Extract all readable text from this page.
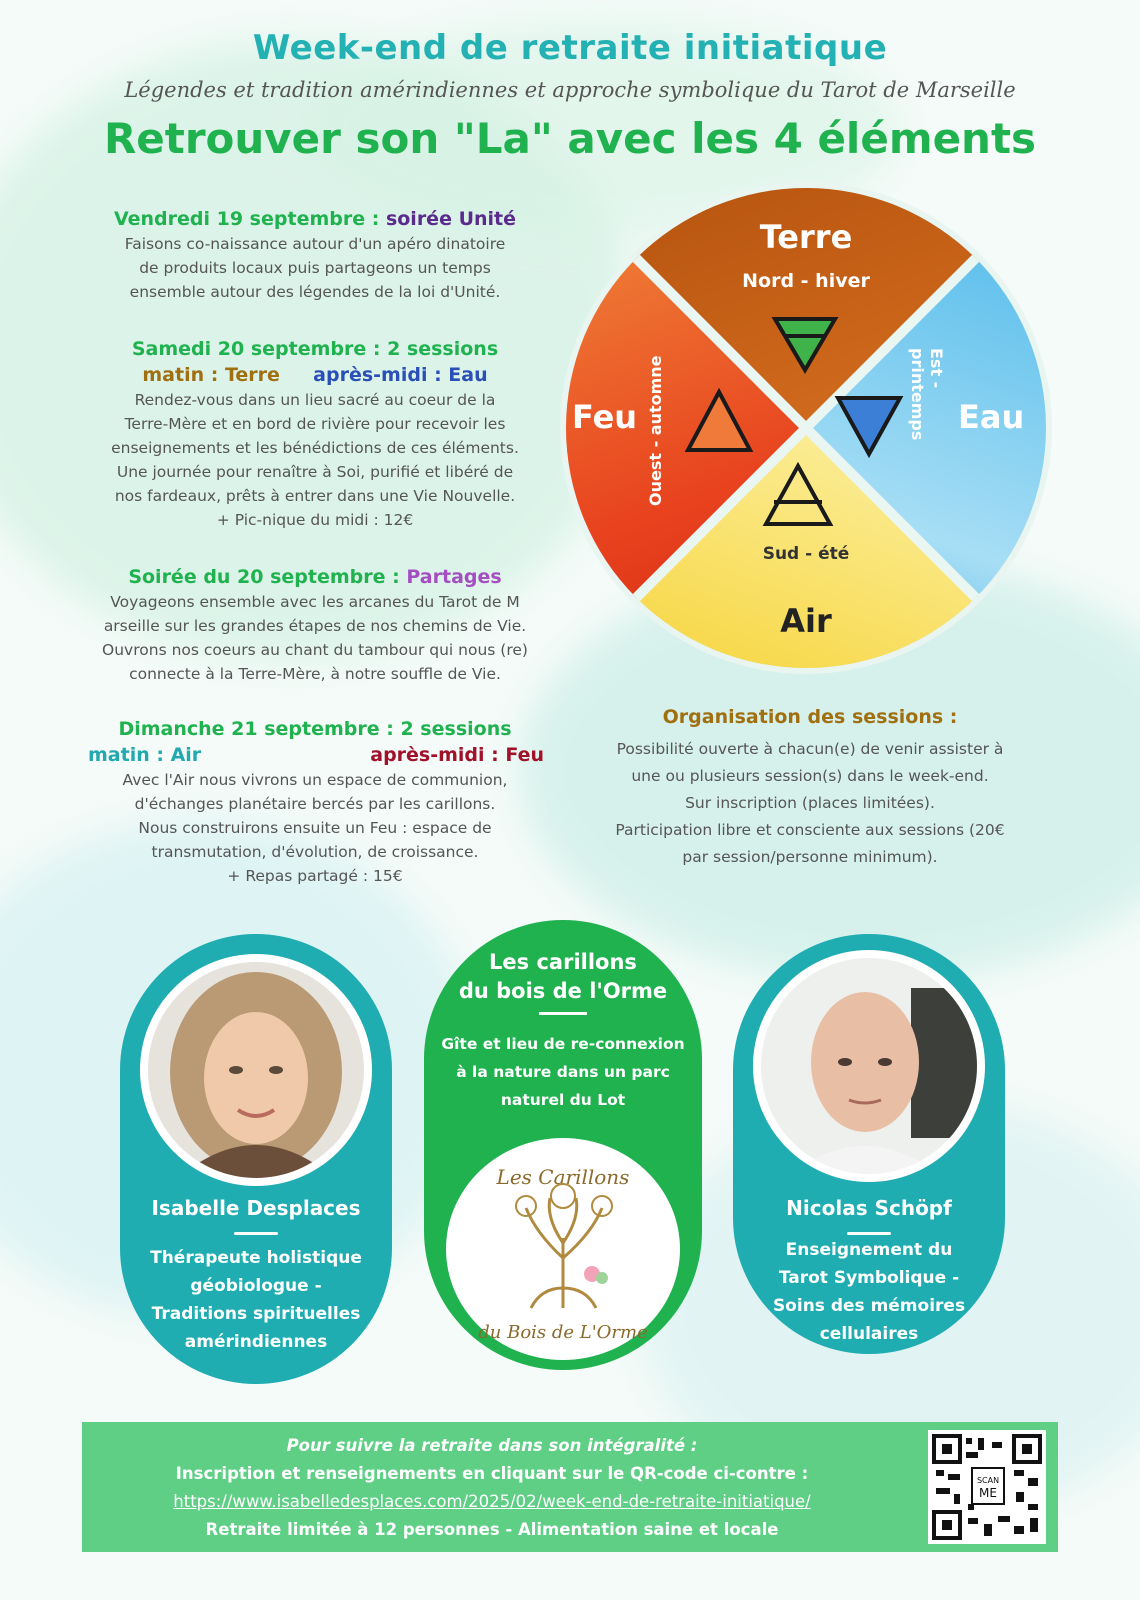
Week-end de retraite initiatique
Légendes et tradition amérindiennes et approche symbolique du Tarot de Marseille
Retrouver son "La" avec les 4 éléments
Vendredi 19 septembre : soirée Unité
Faisons co-naissance autour d'un apéro dinatoire
de produits locaux puis partageons un temps
ensemble autour des légendes de la loi d'Unité.
Samedi 20 septembre : 2 sessions
matin : Terre après-midi : Eau
Rendez-vous dans un lieu sacré au coeur de la
Terre-Mère et en bord de rivière pour recevoir les
enseignements et les bénédictions de ces éléments.
Une journée pour renaître à Soi, purifié et libéré de
nos fardeaux, prêts à entrer dans une Vie Nouvelle.
+ Pic-nique du midi : 12€
Soirée du 20 septembre : Partages
Voyageons ensemble avec les arcanes du Tarot de M
arseille sur les grandes étapes de nos chemins de Vie.
Ouvrons nos coeurs au chant du tambour qui nous (re)
connecte à la Terre-Mère, à notre souffle de Vie.
Dimanche 21 septembre : 2 sessions
matin : Air	après-midi : Feu
Avec l'Air nous vivrons un espace de communion,
d'échanges planétaire bercés par les carillons.
Nous construirons ensuite un Feu : espace de
transmutation, d'évolution, de croissance.
+ Repas partagé : 15€
Terre
Nord - hiver
Feu	Eau
Air
Sud - été
Ouest - automne	Est - printemps
Organisation des sessions :
Possibilité ouverte à chacun(e) de venir assister à
une ou plusieurs session(s) dans le week-end.
Sur inscription (places limitées).
Participation libre et consciente aux sessions (20€
par session/personne minimum).
Isabelle Desplaces
Thérapeute holistique
géobiologue -
Traditions spirituelles
amérindiennes
Les carillons
du bois de l'Orme
Gîte et lieu de re-connexion
à la nature dans un parc
naturel du Lot
Les Carillons
du Bois de L'Orme
Nicolas Schöpf
Enseignement du
Tarot Symbolique -
Soins des mémoires
cellulaires
Pour suivre la retraite dans son intégralité :
Inscription et renseignements en cliquant sur le QR-code ci-contre :
https://www.isabelledesplaces.com/2025/02/week-end-de-retraite-initiatique/
Retraite limitée à 12 personnes - Alimentation saine et locale
SCAN
ME
